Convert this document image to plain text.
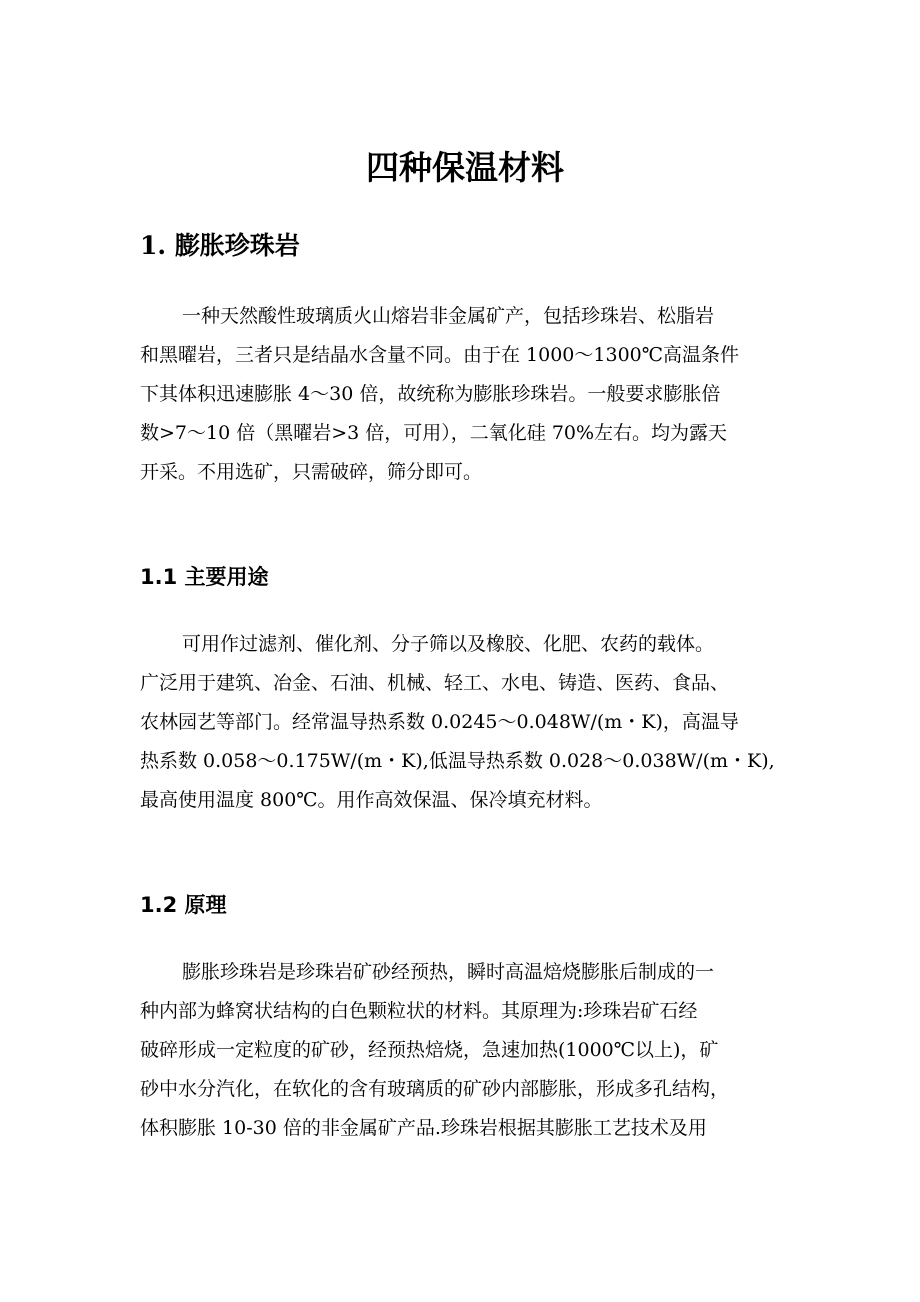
四种保温材料
1. 膨胀珍珠岩
一种天然酸性玻璃质火山熔岩非金属矿产，包括珍珠岩、松脂岩
和黑曜岩，三者只是结晶水含量不同。由于在 1000～1300℃高温条件
下其体积迅速膨胀 4～30 倍，故统称为膨胀珍珠岩。一般要求膨胀倍
数>7～10 倍（黑曜岩>3 倍，可用），二氧化硅 70%左右。均为露天
开采。不用选矿，只需破碎，筛分即可。
1.1 主要用途
可用作过滤剂、催化剂、分子筛以及橡胶、化肥、农药的载体。
广泛用于建筑、冶金、石油、机械、轻工、水电、铸造、医药、食品、
农林园艺等部门。经常温导热系数 0.0245～0.048W/(m・K)，高温导
热系数 0.058～0.175W/(m・K),低温导热系数 0.028～0.038W/(m・K),
最高使用温度 800℃。用作高效保温、保冷填充材料。
1.2 原理
膨胀珍珠岩是珍珠岩矿砂经预热，瞬时高温焙烧膨胀后制成的一
种内部为蜂窝状结构的白色颗粒状的材料。其原理为:珍珠岩矿石经
破碎形成一定粒度的矿砂，经预热焙烧，急速加热(1000℃以上)，矿
砂中水分汽化，在软化的含有玻璃质的矿砂内部膨胀，形成多孔结构，
体积膨胀 10-30 倍的非金属矿产品.珍珠岩根据其膨胀工艺技术及用
